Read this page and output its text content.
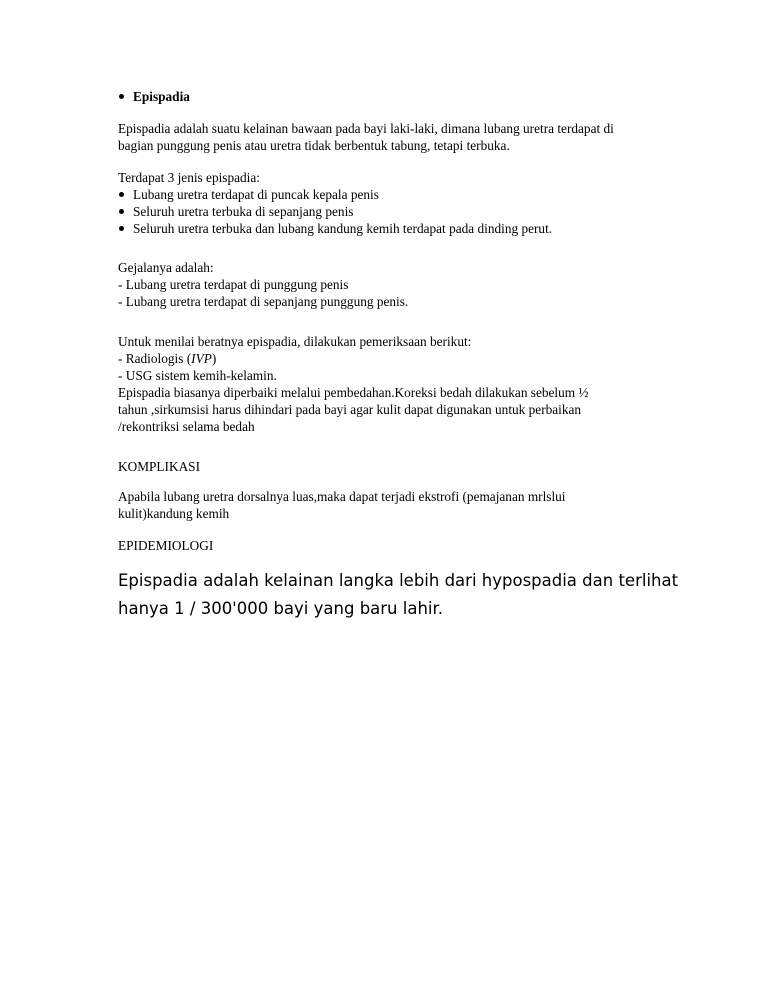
Epispadia
Epispadia adalah suatu kelainan bawaan pada bayi laki-laki, dimana lubang uretra terdapat di
bagian punggung penis atau uretra tidak berbentuk tabung, tetapi terbuka.
Terdapat 3 jenis epispadia:
Lubang uretra terdapat di puncak kepala penis
Seluruh uretra terbuka di sepanjang penis
Seluruh uretra terbuka dan lubang kandung kemih terdapat pada dinding perut.
Gejalanya adalah:
- Lubang uretra terdapat di punggung penis
- Lubang uretra terdapat di sepanjang punggung penis.
Untuk menilai beratnya epispadia, dilakukan pemeriksaan berikut:
- Radiologis (IVP)
- USG sistem kemih-kelamin.
Epispadia biasanya diperbaiki melalui pembedahan.Koreksi bedah dilakukan sebelum ½
tahun ,sirkumsisi harus dihindari pada bayi agar kulit dapat digunakan untuk perbaikan
/rekontriksi selama bedah
KOMPLIKASI
Apabila lubang uretra dorsalnya luas,maka dapat terjadi ekstrofi (pemajanan mrlslui
kulit)kandung kemih
EPIDEMIOLOGI
Epispadia adalah kelainan langka lebih dari hypospadia dan terlihat
hanya 1 / 300'000 bayi yang baru lahir.
